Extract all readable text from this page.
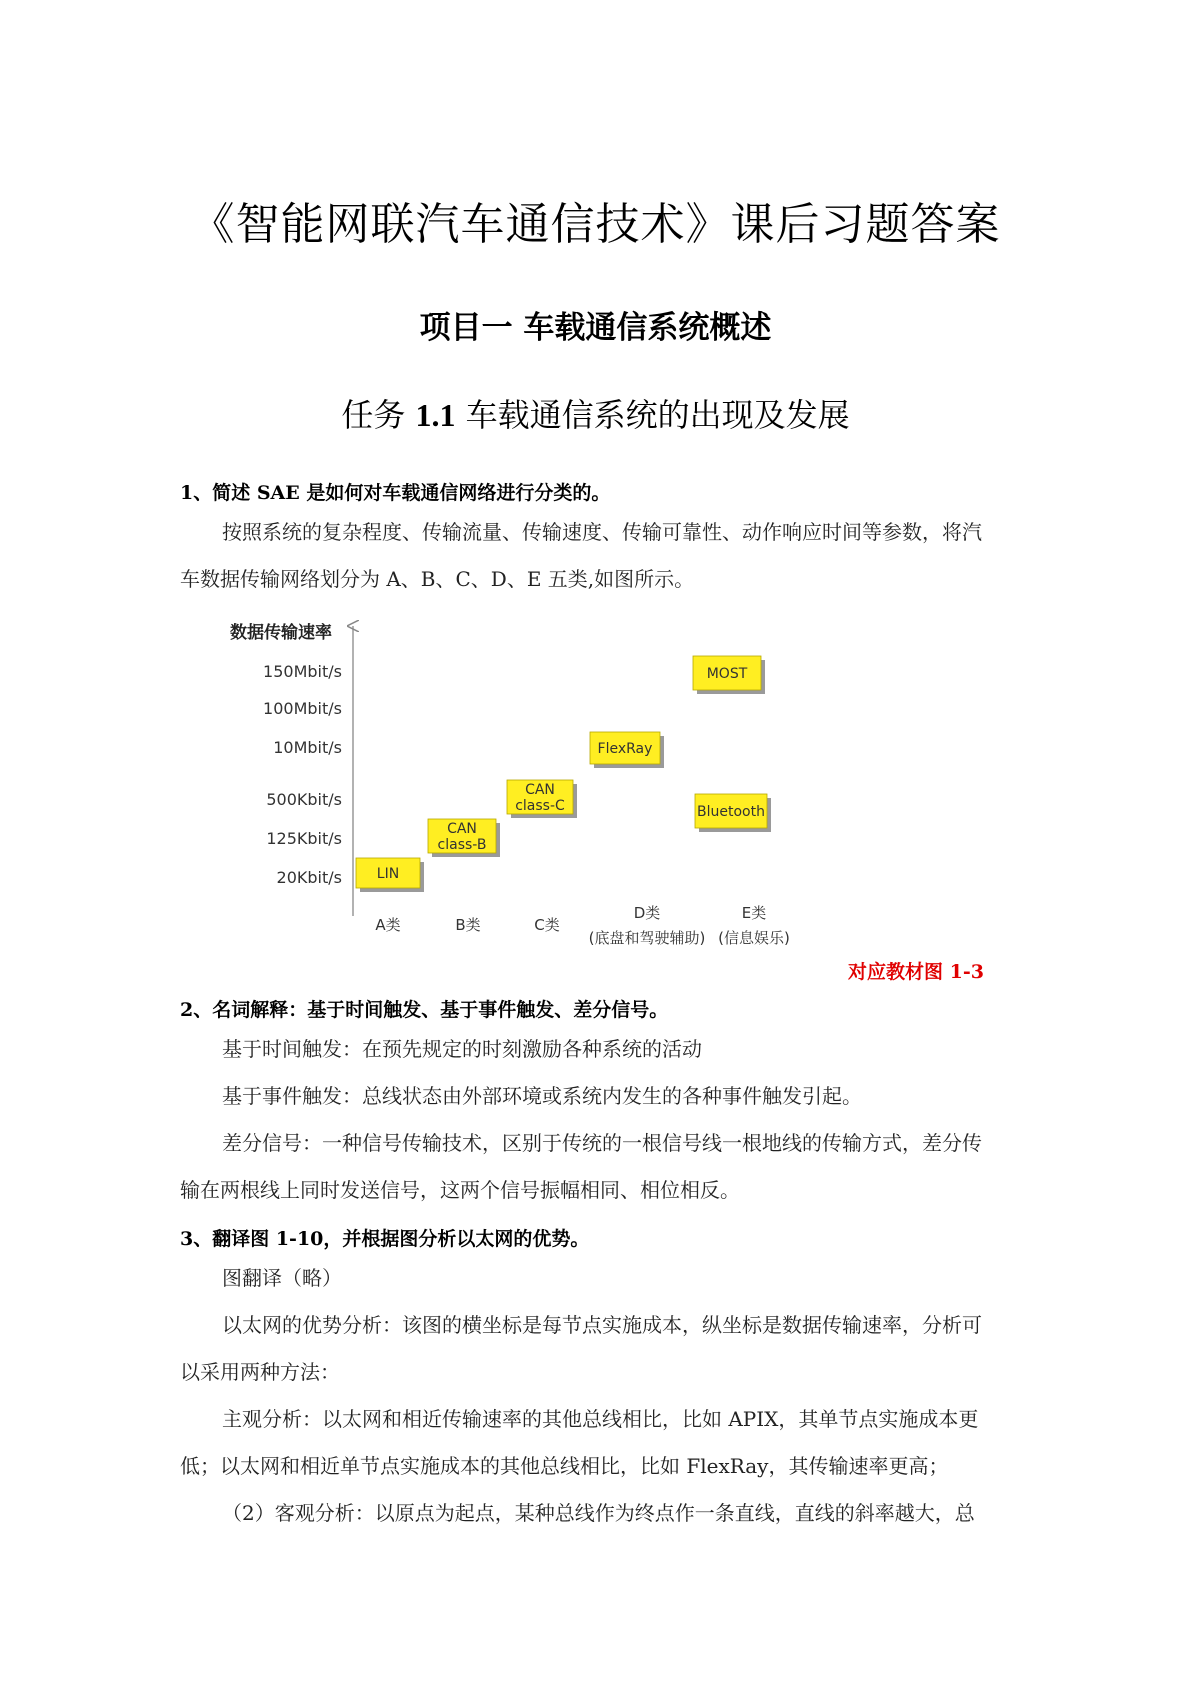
《智能网联汽车通信技术》课后习题答案
项目一 车载通信系统概述
任务 1.1 车载通信系统的出现及发展
1、简述 SAE 是如何对车载通信网络进行分类的。
按照系统的复杂程度、传输流量、传输速度、传输可靠性、动作响应时间等参数，将汽
车数据传输网络划分为 A、B、C、D、E 五类,如图所示。
数据传输速率
20Kbit/s
125Kbit/s
500Kbit/s
10Mbit/s
100Mbit/s
150Mbit/s
A类	B类	C类
D类
(底盘和驾驶辅助)
E类
(信息娱乐)
LIN
CAN
class-B
CAN
class-C
FlexRay
MOST
Bluetooth
对应教材图 1-3
2、名词解释：基于时间触发、基于事件触发、差分信号。
基于时间触发：在预先规定的时刻激励各种系统的活动
基于事件触发：总线状态由外部环境或系统内发生的各种事件触发引起。
差分信号：一种信号传输技术，区别于传统的一根信号线一根地线的传输方式，差分传
输在两根线上同时发送信号，这两个信号振幅相同、相位相反。
3、翻译图 1-10，并根据图分析以太网的优势。
图翻译（略）
以太网的优势分析：该图的横坐标是每节点实施成本，纵坐标是数据传输速率，分析可
以采用两种方法：
主观分析：以太网和相近传输速率的其他总线相比，比如 APIX，其单节点实施成本更
低；以太网和相近单节点实施成本的其他总线相比，比如 FlexRay，其传输速率更高；
（2）客观分析：以原点为起点，某种总线作为终点作一条直线，直线的斜率越大，总
